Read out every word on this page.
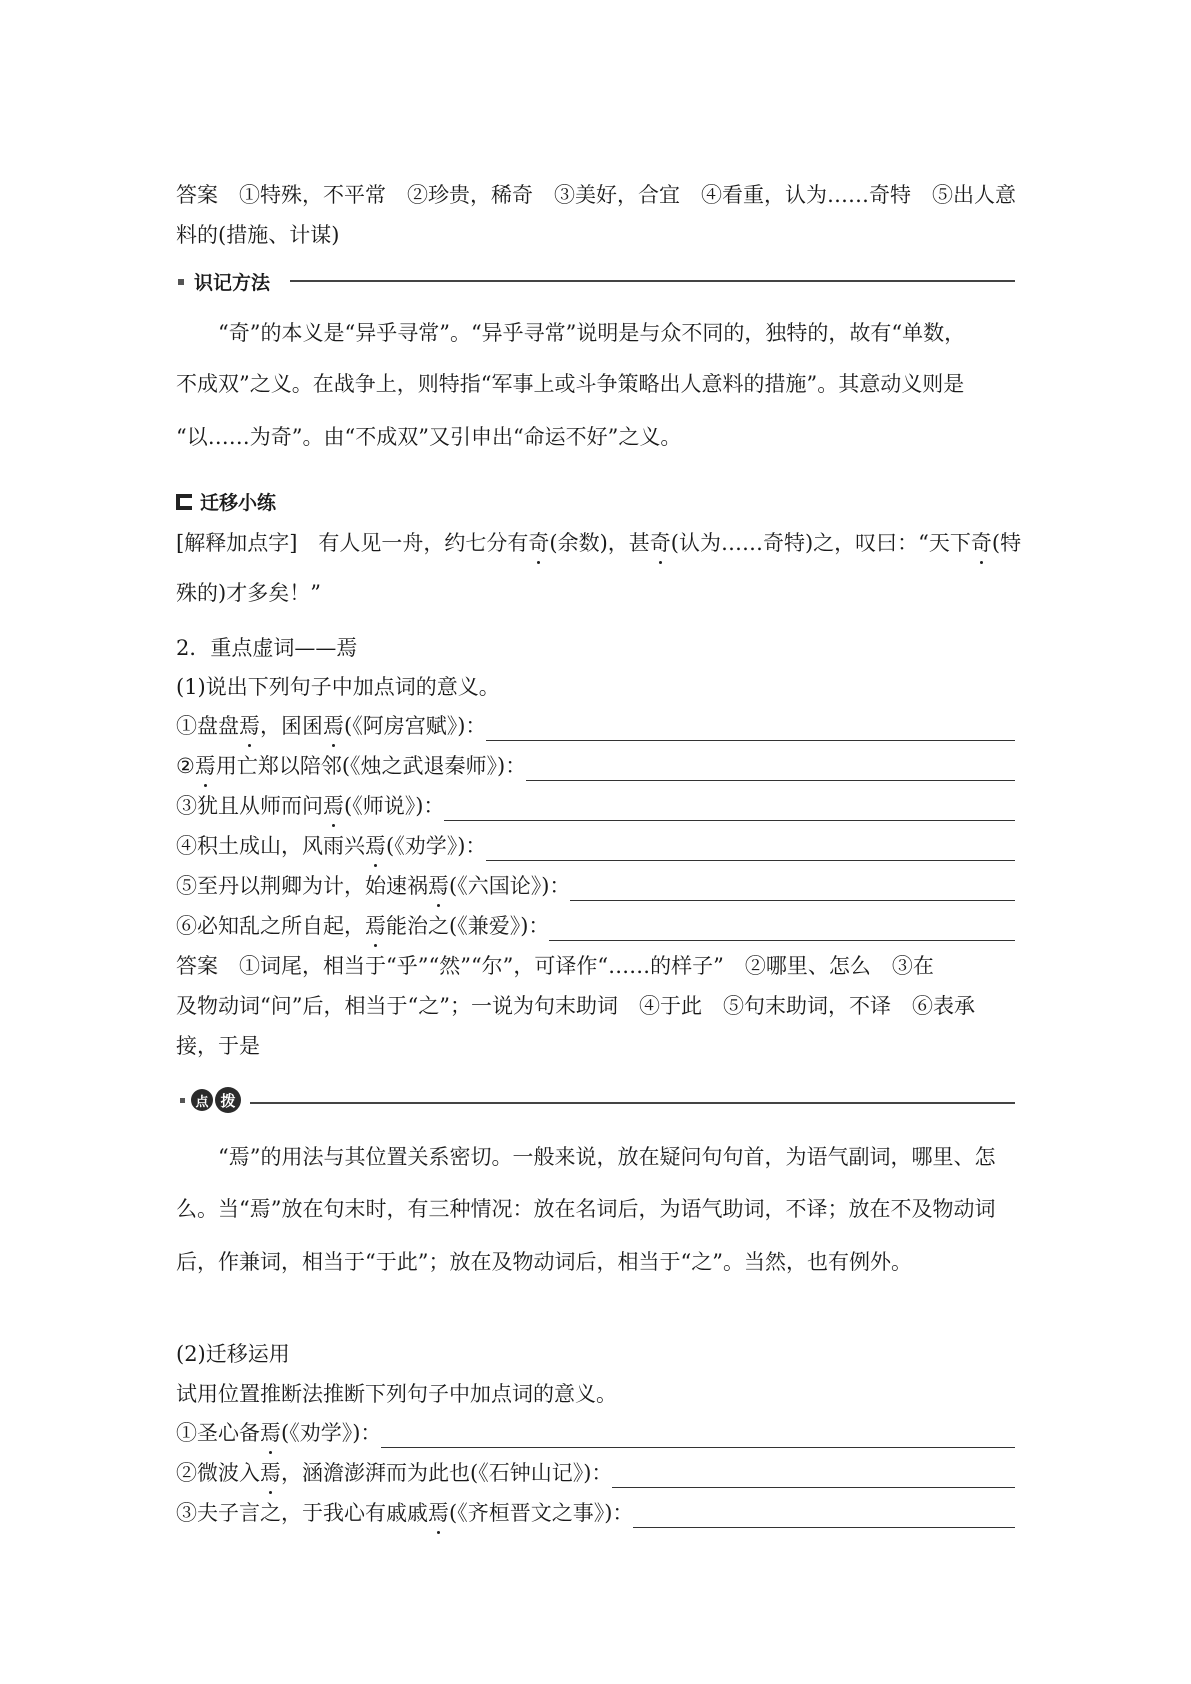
答案　①特殊，不平常　②珍贵，稀奇　③美好，合宜　④看重，认为……奇特　⑤出人意
料的(措施、计谋)
识记方法
“奇”的本义是“异乎寻常”。“异乎寻常”说明是与众不同的，独特的，故有“单数，
不成双”之义。在战争上，则特指“军事上或斗争策略出人意料的措施”。其意动义则是
“以……为奇”。由“不成双”又引申出“命运不好”之义。
迁移小练
[解释加点字]　有人见一舟，约七分有奇(余数)，甚奇(认为……奇特)之，叹曰：“天下奇(特
殊的)才多矣！”
2．重点虚词——焉
(1)说出下列句子中加点词的意义。
①盘盘焉，囷囷焉(《阿房宫赋》)：
②焉用亡郑以陪邻(《烛之武退秦师》)：
③犹且从师而问焉(《师说》)：
④积土成山，风雨兴焉(《劝学》)：
⑤至丹以荆卿为计，始速祸焉(《六国论》)：
⑥必知乱之所自起，焉能治之(《兼爱》)：
答案　①词尾，相当于“乎”“然”“尔”，可译作“……的样子”　②哪里、怎么　③在
及物动词“问”后，相当于“之”；一说为句末助词　④于此　⑤句末助词，不译　⑥表承
接，于是
点 拨
“焉”的用法与其位置关系密切。一般来说，放在疑问句句首，为语气副词，哪里、怎
么。当“焉”放在句末时，有三种情况：放在名词后，为语气助词，不译；放在不及物动词
后，作兼词，相当于“于此”；放在及物动词后，相当于“之”。当然，也有例外。
(2)迁移运用
试用位置推断法推断下列句子中加点词的意义。
①圣心备焉(《劝学》)：
②微波入焉，涵澹澎湃而为此也(《石钟山记》)：
③夫子言之，于我心有戚戚焉(《齐桓晋文之事》)：
